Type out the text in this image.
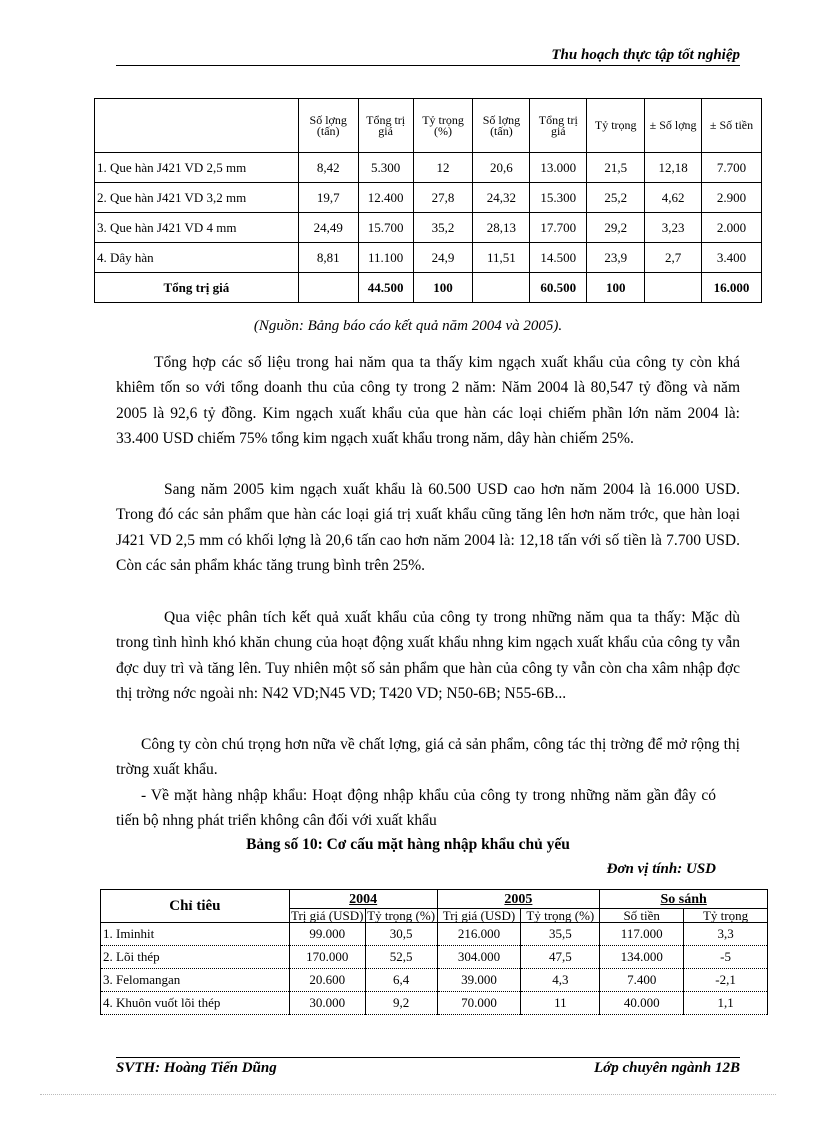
Thu hoạch thực tập tốt nghiệp
	Số lợng (tấn)	Tổng trị giá	Tỷ trọng (%)	Số lợng (tấn)	Tổng trị giá	Tỷ trọng	± Số lợng	± Số tiền
1. Que hàn J421 VD 2,5 mm	8,42	5.300	12	20,6	13.000	21,5	12,18	7.700
2. Que hàn J421 VD 3,2 mm	19,7	12.400	27,8	24,32	15.300	25,2	4,62	2.900
3. Que hàn J421 VD 4 mm	24,49	15.700	35,2	28,13	17.700	29,2	3,23	2.000
4. Dây hàn	8,81	11.100	24,9	11,51	14.500	23,9	2,7	3.400
Tổng trị giá		44.500	100		60.500	100		16.000
(Nguồn: Bảng báo cáo kết quả năm 2004 và 2005).

Tổng hợp các số liệu trong hai năm qua ta thấy kim ngạch xuất khẩu của công ty còn khá khiêm tốn so với tổng doanh thu của công ty trong 2 năm: Năm 2004 là 80,547 tỷ đồng và năm 2005 là 92,6 tỷ đồng. Kim ngạch xuất khẩu của que hàn các loại chiếm phần lớn năm 2004 là: 33.400 USD chiếm 75% tổng kim ngạch xuất khẩu trong năm, dây hàn chiếm 25%.

Sang năm 2005 kim ngạch xuất khẩu là 60.500 USD cao hơn năm 2004 là 16.000 USD. Trong đó các sản phẩm que hàn các loại giá trị xuất khẩu cũng tăng lên hơn năm trớc, que hàn loại J421 VD 2,5 mm có khối lợng là 20,6 tấn cao hơn năm 2004 là: 12,18 tấn với số tiền là 7.700 USD. Còn các sản phẩm khác tăng trung bình trên 25%.

Qua việc phân tích kết quả xuất khẩu của công ty trong những năm qua ta thấy: Mặc dù trong tình hình khó khăn chung của hoạt động xuất khẩu nhng kim ngạch xuất khẩu của công ty vẫn đợc duy trì và tăng lên. Tuy nhiên một số sản phẩm que hàn của công ty vẫn còn cha xâm nhập đợc thị trờng nớc ngoài nh: N42 VD;N45 VD; T420 VD; N50-6B; N55-6B...

Công ty còn chú trọng hơn nữa về chất lợng, giá cả sản phẩm, công tác thị trờng để mở rộng thị trờng xuất khẩu.

- Về mặt hàng nhập khẩu: Hoạt động nhập khẩu của công ty trong những năm gần đây có tiến bộ nhng phát triển không cân đối với xuất khẩu

Bảng số 10: Cơ cấu mặt hàng nhập khẩu chủ yếu
Đơn vị tính: USD
Chỉ tiêu	2004		2005		So sánh	
	Trị giá (USD)	Tỷ trọng (%)	Trị giá (USD)	Tỷ trọng (%)	Số tiền	Tỷ trọng
1. Iminhit	99.000	30,5	216.000	35,5	117.000	3,3
2. Lõi thép	170.000	52,5	304.000	47,5	134.000	-5
3. Felomangan	20.600	6,4	39.000	4,3	7.400	-2,1
4. Khuôn vuốt lõi thép	30.000	9,2	70.000	11	40.000	1,1
SVTH: Hoàng Tiến Dũng	Lớp chuyên ngành 12B
